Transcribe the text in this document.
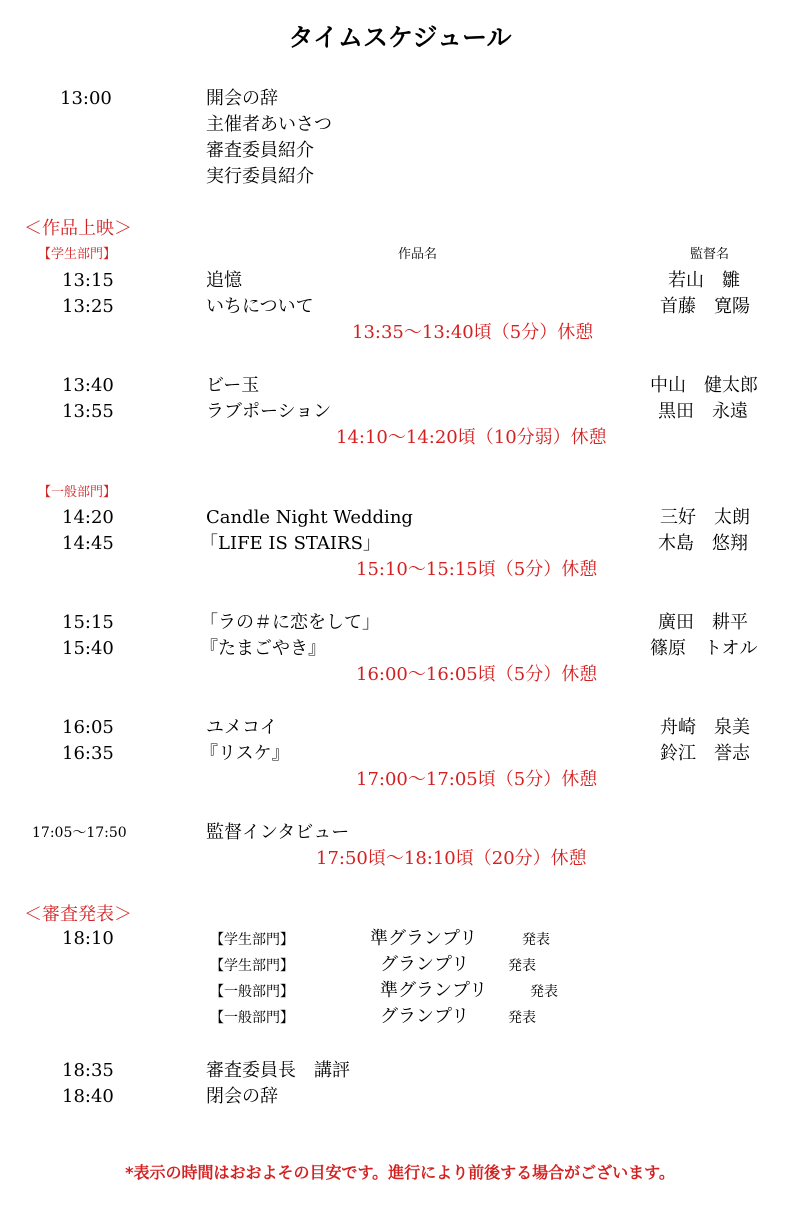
タイムスケジュール
13:00	開会の辞
主催者あいさつ
審査委員紹介
実行委員紹介
＜作品上映＞
【学生部門】	作品名	監督名
13:15	追憶	若山　雛
13:25	いちについて	首藤　寛陽
13:35～13:40頃（5分）休憩
13:40	ビー玉	中山　健太郎
13:55	ラブポーション	黒田　永遠
14:10～14:20頃（10分弱）休憩
【一般部門】
14:20	Candle Night Wedding	三好　太朗
14:45	「LIFE IS STAIRS」	木島　悠翔
15:10～15:15頃（5分）休憩
15:15	「ラの＃に恋をして」	廣田　耕平
15:40	『たまごやき』	篠原　トオル
16:00～16:05頃（5分）休憩
16:05	ユメコイ	舟崎　泉美
16:35	『リスケ』	鈴江　誉志
17:00～17:05頃（5分）休憩
17:05～17:50	監督インタビュー
17:50頃～18:10頃（20分）休憩
＜審査発表＞
18:10	【学生部門】	準グランプリ	発表
【学生部門】	グランプリ	発表
【一般部門】	準グランプリ	発表
【一般部門】	グランプリ	発表
18:35	審査委員長　講評
18:40	閉会の辞
*表示の時間はおおよその目安です。進行により前後する場合がございます。
